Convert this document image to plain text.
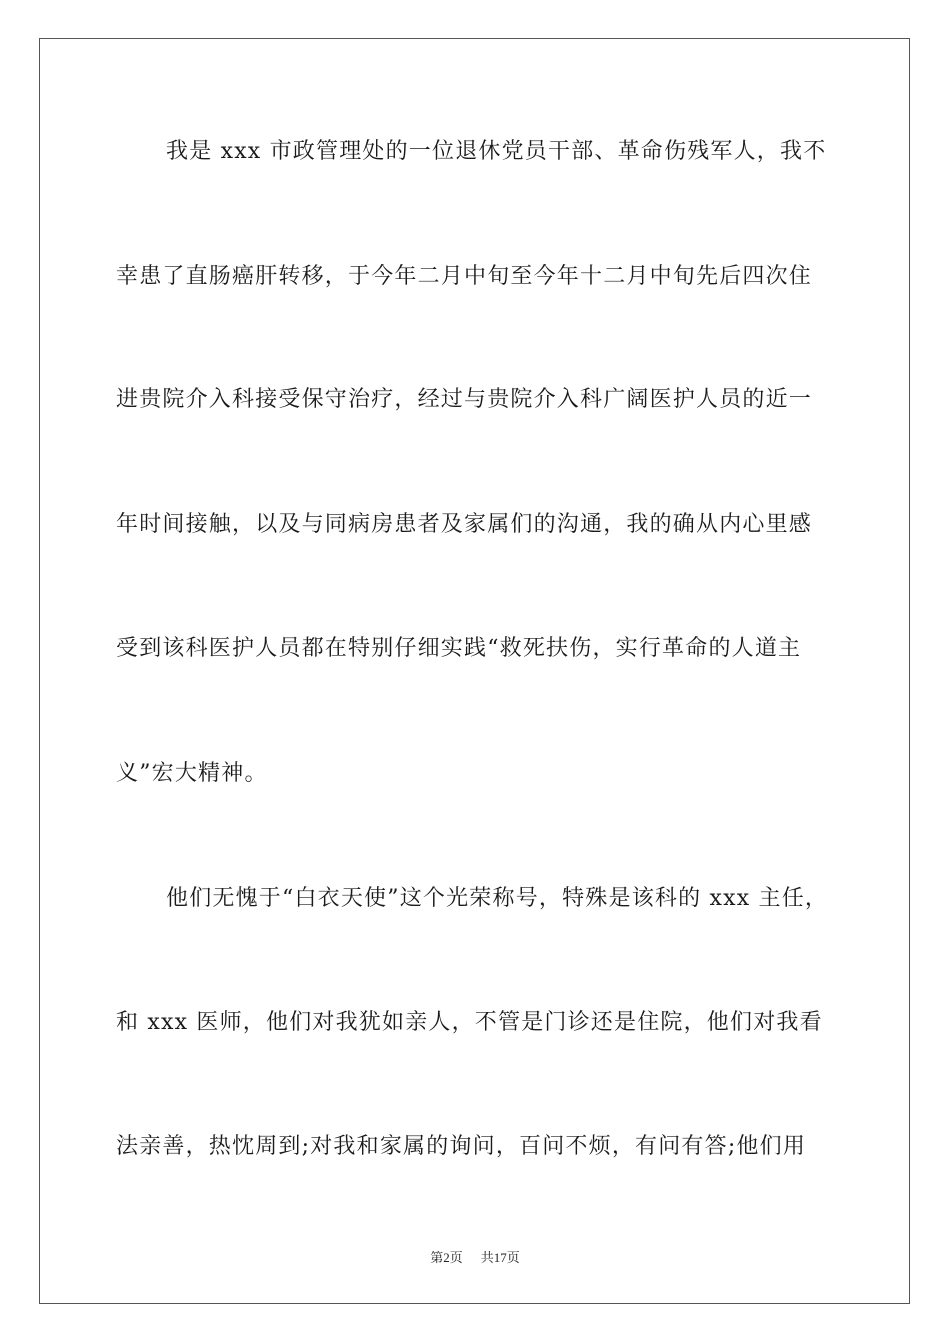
我是 xxx 市政管理处的一位退休党员干部、革命伤残军人，我不
幸患了直肠癌肝转移，于今年二月中旬至今年十二月中旬先后四次住
进贵院介入科接受保守治疗，经过与贵院介入科广阔医护人员的近一
年时间接触，以及与同病房患者及家属们的沟通，我的确从内心里感
受到该科医护人员都在特别仔细实践“救死扶伤，实行革命的人道主
义”宏大精神。
他们无愧于“白衣天使”这个光荣称号，特殊是该科的 xxx 主任，
和 xxx 医师，他们对我犹如亲人，不管是门诊还是住院，他们对我看
法亲善，热忱周到;对我和家属的询问，百问不烦，有问有答;他们用
第2页 共17页
